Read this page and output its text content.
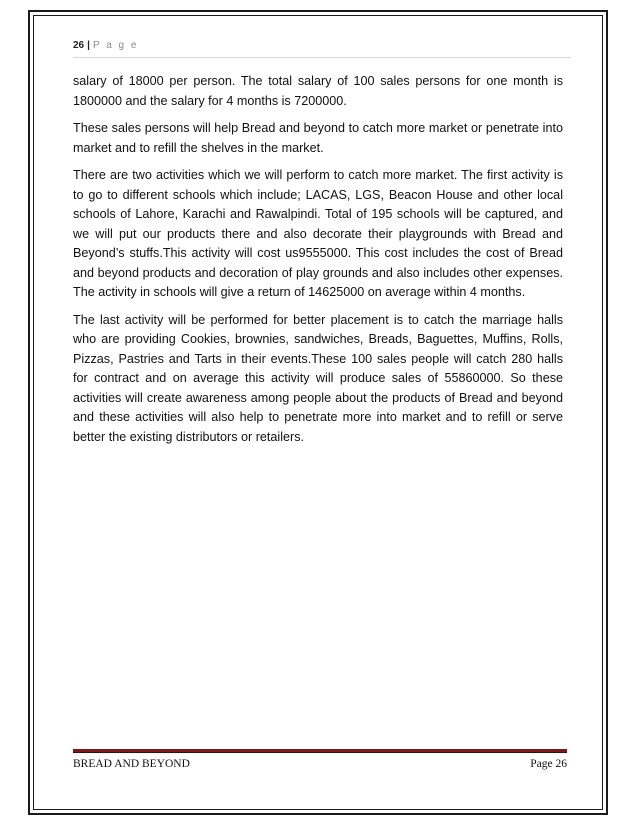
26 | P a g e

salary of 18000 per person. The total salary of 100 sales persons for one month is 1800000 and the salary for 4 months is 7200000.

These sales persons will help Bread and beyond to catch more market or penetrate into market and to refill the shelves in the market.

There are two activities which we will perform to catch more market. The first activity is to go to different schools which include; LACAS, LGS, Beacon House and other local schools of Lahore, Karachi and Rawalpindi. Total of 195 schools will be captured, and we will put our products there and also decorate their playgrounds with Bread and Beyond’s stuffs.This activity will cost us9555000. This cost includes the cost of Bread and beyond products and decoration of play grounds and also includes other expenses. The activity in schools will give a return of 14625000 on average within 4 months.

The last activity will be performed for better placement is to catch the marriage halls who are providing Cookies, brownies, sandwiches, Breads, Baguettes, Muffins, Rolls, Pizzas, Pastries and Tarts in their events.These 100 sales people will catch 280 halls for contract and on average this activity will produce sales of 55860000. So these activities will create awareness among people about the products of Bread and beyond and these activities will also help to penetrate more into market and to refill or serve better the existing distributors or retailers.

BREAD AND BEYOND	Page 26
